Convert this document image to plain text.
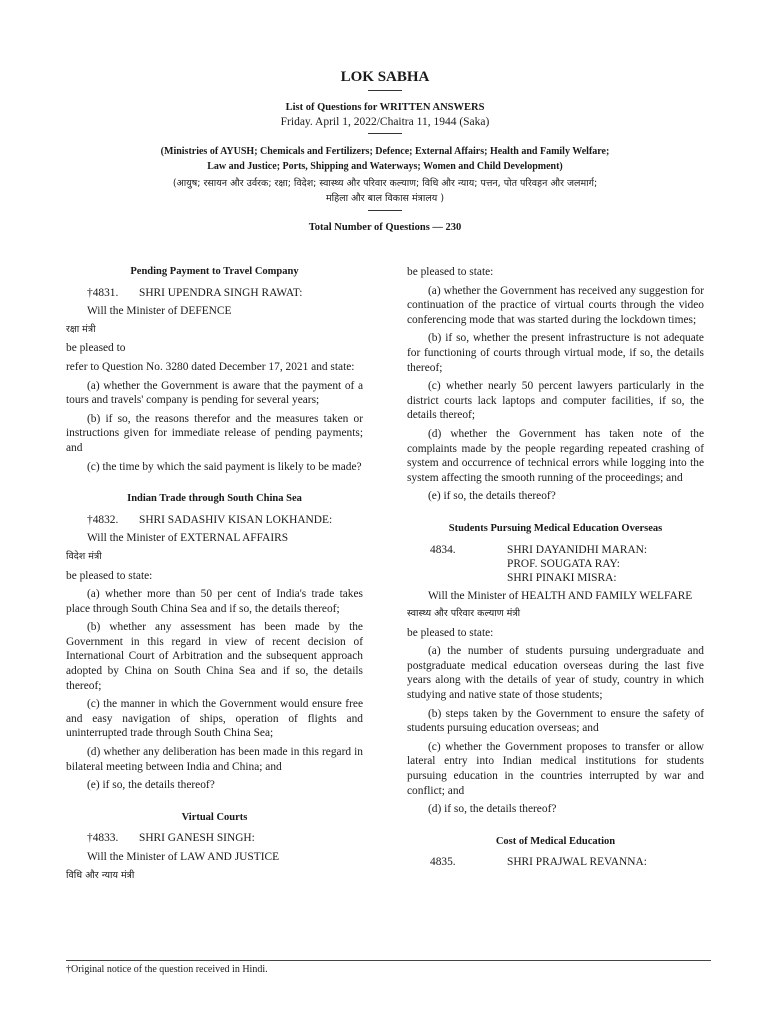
LOK SABHA
List of Questions for WRITTEN ANSWERS
Friday. April 1, 2022/Chaitra 11, 1944 (Saka)
(Ministries of AYUSH; Chemicals and Fertilizers; Defence; External Affairs; Health and Family Welfare;
Law and Justice; Ports, Shipping and Waterways; Women and Child Development)
(आयुष; रसायन और उर्वरक; रक्षा; विदेश; स्वास्थ्य और परिवार कल्याण; विधि और न्याय; पत्तन, पोत परिवहन और जलमार्ग;
महिला और बाल विकास मंत्रालय )
Total Number of Questions — 230
Pending Payment to Travel Company
†4831.	SHRI UPENDRA SINGH RAWAT:
Will the Minister of DEFENCE
रक्षा मंत्री
be pleased to
refer to Question No. 3280 dated December 17, 2021 and state:
(a) whether the Government is aware that the payment of a tours and travels' company is pending for several years;
(b) if so, the reasons therefor and the measures taken or instructions given for immediate release of pending payments; and
(c) the time by which the said payment is likely to be made?
Indian Trade through South China Sea
†4832.	SHRI SADASHIV KISAN LOKHANDE:
Will the Minister of EXTERNAL AFFAIRS
विदेश मंत्री
be pleased to state:
(a) whether more than 50 per cent of India's trade takes place through South China Sea and if so, the details thereof;
(b) whether any assessment has been made by the Government in this regard in view of recent decision of International Court of Arbitration and the subsequent approach adopted by China on South China Sea and if so, the details thereof;
(c) the manner in which the Government would ensure free and easy navigation of ships, operation of flights and uninterrupted trade through South China Sea;
(d) whether any deliberation has been made in this regard in bilateral meeting between India and China; and
(e) if so, the details thereof?
Virtual Courts
†4833.	SHRI GANESH SINGH:
Will the Minister of LAW AND JUSTICE
विधि और न्याय मंत्री
be pleased to state:
(a) whether the Government has received any suggestion for continuation of the practice of virtual courts through the video conferencing mode that was started during the lockdown times;
(b) if so, whether the present infrastructure is not adequate for functioning of courts through virtual mode, if so, the details thereof;
(c) whether nearly 50 percent lawyers particularly in the district courts lack laptops and computer facilities, if so, the details thereof;
(d) whether the Government has taken note of the complaints made by the people regarding repeated crashing of system and occurrence of technical errors while logging into the system affecting the smooth running of the proceedings; and
(e) if so, the details thereof?
Students Pursuing Medical Education Overseas
4834.	SHRI DAYANIDHI MARAN:
PROF. SOUGATA RAY:
SHRI PINAKI MISRA:
Will the Minister of HEALTH AND FAMILY WELFARE
स्वास्थ्य और परिवार कल्याण मंत्री
be pleased to state:
(a) the number of students pursuing undergraduate and postgraduate medical education overseas during the last five years along with the details of year of study, country in which studying and native state of those students;
(b) steps taken by the Government to ensure the safety of students pursuing education overseas; and
(c) whether the Government proposes to transfer or allow lateral entry into Indian medical institutions for students pursuing education in the countries interrupted by war and conflict; and
(d) if so, the details thereof?
Cost of Medical Education
4835.	SHRI PRAJWAL REVANNA:
†Original notice of the question received in Hindi.
